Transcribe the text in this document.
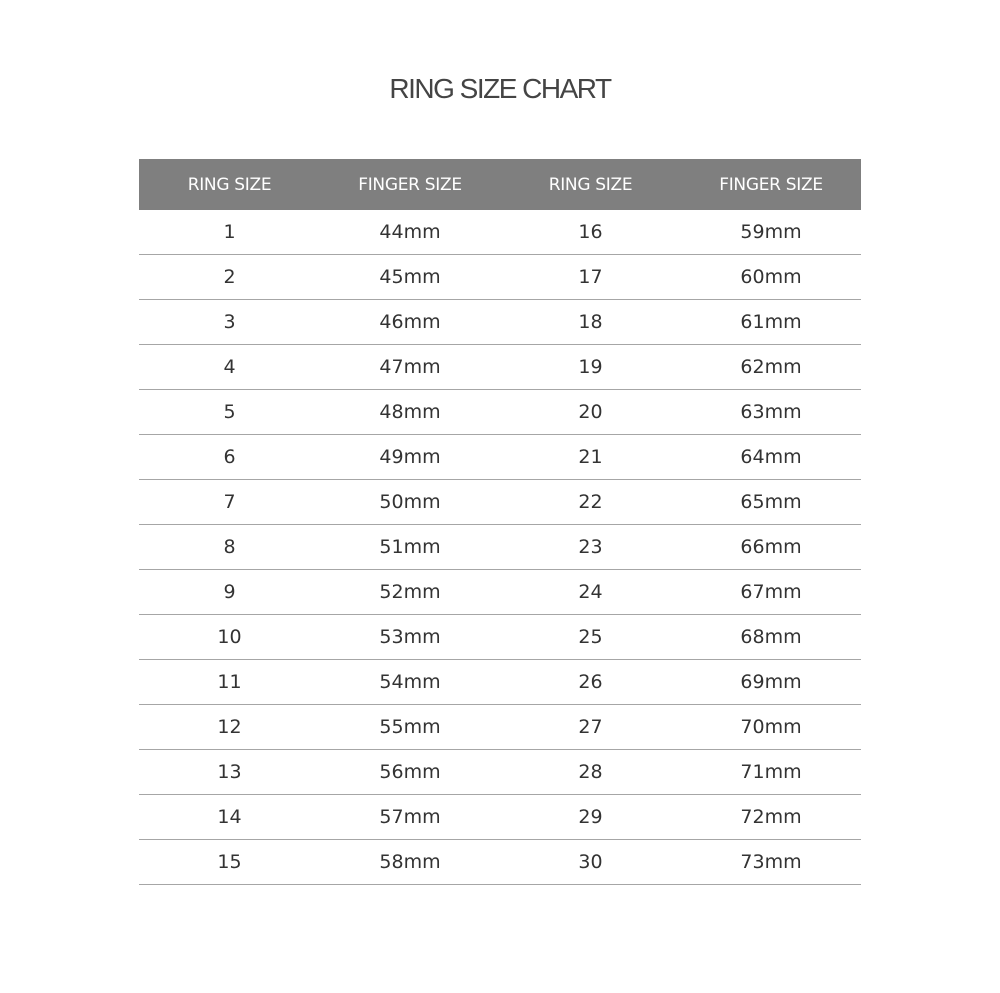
RING SIZE CHART
RING SIZE	FINGER SIZE	RING SIZE	FINGER SIZE
1	44mm	16	59mm
2	45mm	17	60mm
3	46mm	18	61mm
4	47mm	19	62mm
5	48mm	20	63mm
6	49mm	21	64mm
7	50mm	22	65mm
8	51mm	23	66mm
9	52mm	24	67mm
10	53mm	25	68mm
11	54mm	26	69mm
12	55mm	27	70mm
13	56mm	28	71mm
14	57mm	29	72mm
15	58mm	30	73mm
